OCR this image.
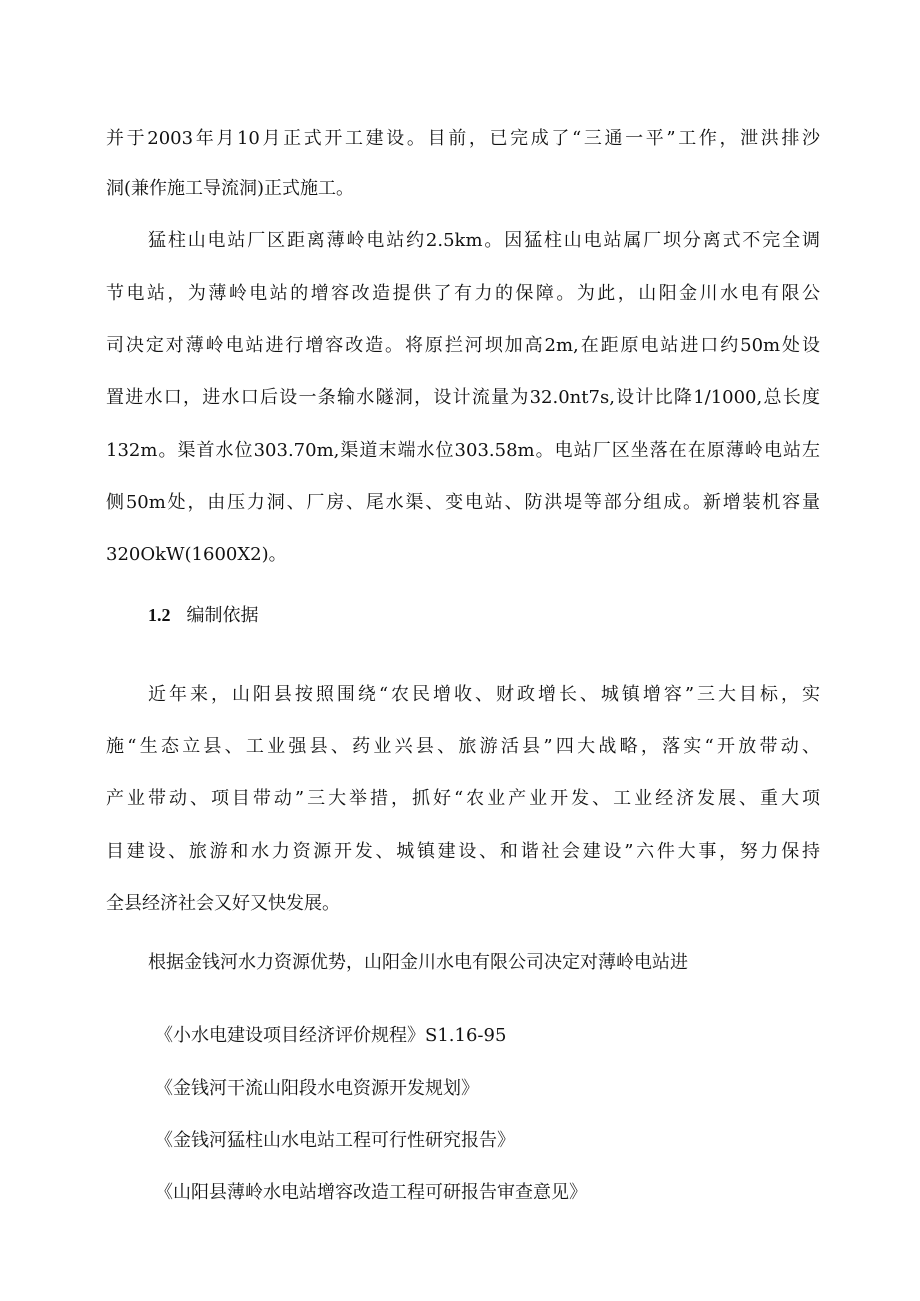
并于2003年月10月正式开工建设。目前，已完成了“三通一平”工作，泄洪排沙
洞(兼作施工导流洞)正式施工。
猛柱山电站厂区距离薄岭电站约2.5km。因猛柱山电站属厂坝分离式不完全调
节电站，为薄岭电站的增容改造提供了有力的保障。为此，山阳金川水电有限公
司决定对薄岭电站进行增容改造。将原拦河坝加高2m,在距原电站进口约50m处设
置进水口，进水口后设一条输水隧洞，设计流量为32.0nt7s,设计比降1/1000,总长度
132m。渠首水位303.70m,渠道末端水位303.58m。电站厂区坐落在在原薄岭电站左
侧50m处，由压力洞、厂房、尾水渠、变电站、防洪堤等部分组成。新增装机容量
320OkW(1600X2)。
1.2 编制依据
近年来，山阳县按照围绕“农民增收、财政增长、城镇增容”三大目标，实
施“生态立县、工业强县、药业兴县、旅游活县”四大战略，落实“开放带动、
产业带动、项目带动”三大举措，抓好“农业产业开发、工业经济发展、重大项
目建设、旅游和水力资源开发、城镇建设、和谐社会建设”六件大事，努力保持
全县经济社会又好又快发展。
根据金钱河水力资源优势，山阳金川水电有限公司决定对薄岭电站进
《小水电建设项目经济评价规程》S1.16-95
《金钱河干流山阳段水电资源开发规划》
《金钱河猛柱山水电站工程可行性研究报告》
《山阳县薄岭水电站增容改造工程可研报告审查意见》
